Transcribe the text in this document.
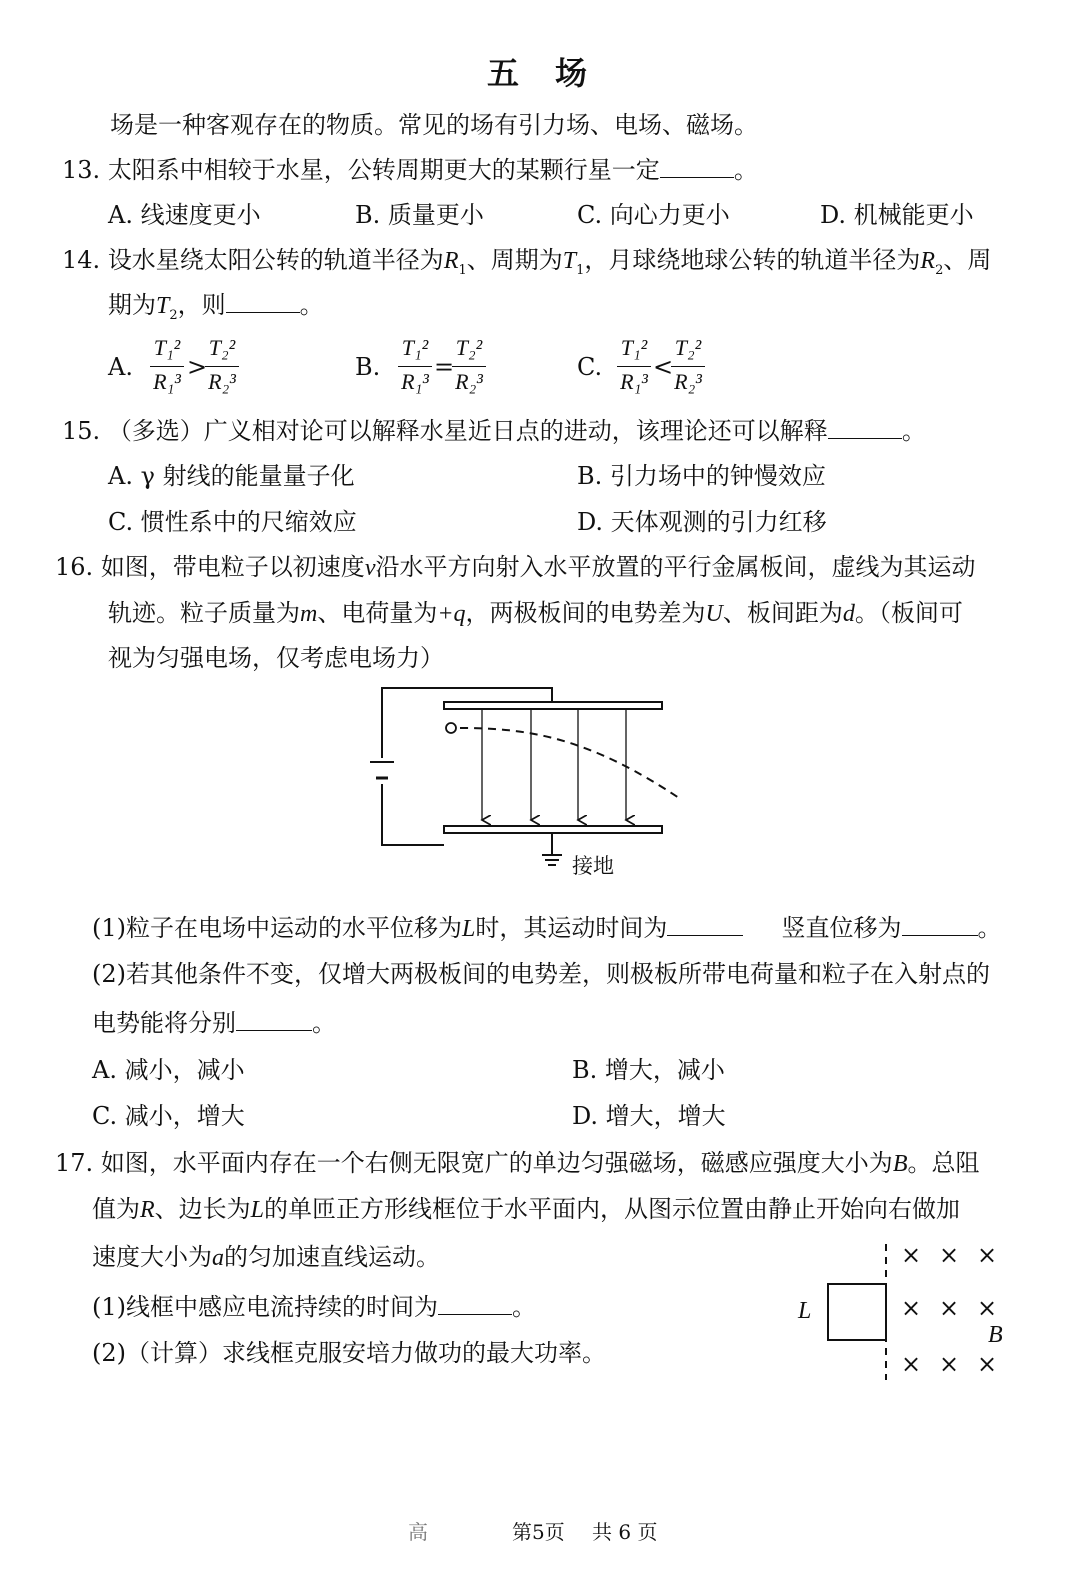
五场
场是一种客观存在的物质。常见的场有引力场、电场、磁场。
13. 太阳系中相较于水星，公转周期更大的某颗行星一定	。
A. 线速度更小	B. 质量更小	C. 向心力更小	D. 机械能更小
14. 设水星绕太阳公转的轨道半径为$R_1$、周期为$T_1$，月球绕地球公转的轨道半径为$R_2$、周
期为$T_2$，则	。
A.
T₁²
R₁³
>
T₂²
R₂³
B.
T₁²
R₁³
=
T₂²
R₂³
C.
T₁²
R₁³
<
T₂²
R₂³
15. （多选）广义相对论可以解释水星近日点的进动，该理论还可以解释	。
A. γ 射线的能量量子化	B. 引力场中的钟慢效应
C. 惯性系中的尺缩效应	D. 天体观测的引力红移
16. 如图，带电粒子以初速度v沿水平方向射入水平放置的平行金属板间，虚线为其运动
轨迹。粒子质量为m、电荷量为+q，两极板间的电势差为U、板间距为d。（板间可
视为匀强电场，仅考虑电场力）
接地
(1)粒子在电场中运动的水平位移为L时，其运动时间为	竖直位移为	。
(2)若其他条件不变，仅增大两极板间的电势差，则极板所带电荷量和粒子在入射点的
电势能将分别	。
A. 减小，减小	B. 增大，减小
C. 减小，增大	D. 增大，增大
17. 如图，水平面内存在一个右侧无限宽广的单边匀强磁场，磁感应强度大小为B。总阻
值为R、边长为L的单匝正方形线框位于水平面内，从图示位置由静止开始向右做加
速度大小为a的匀加速直线运动。
(1)线框中感应电流持续的时间为	。
(2)（计算）求线框克服安培力做功的最大功率。
L
B
× × ×
× × ×
× × ×
高	第5页 共 6 页
